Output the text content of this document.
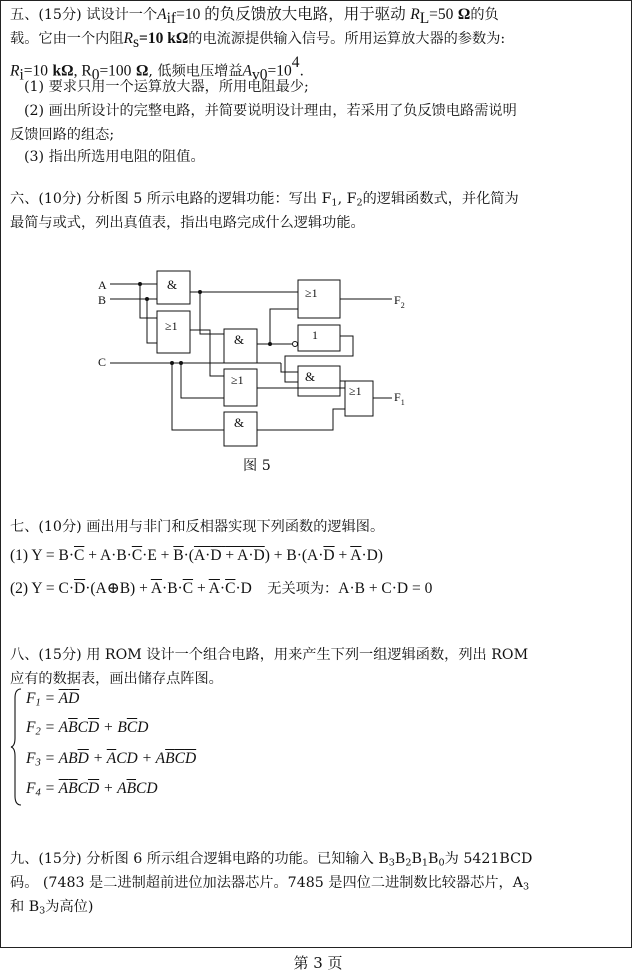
五、(15分) 试设计一个$A_{if}=10$ 的负反馈放大电路，用于驱动 $R_L=50$ Ω的负
载。它由一个内阻$R_s=10$ kΩ的电流源提供输入信号。所用运算放大器的参数为:
$R_i=10$ kΩ, $R_0=100$ Ω, 低频电压增益$A_{v0}=10^4$.
(1) 要求只用一个运算放大器，所用电阻最少;
(2) 画出所设计的完整电路，并简要说明设计理由，若采用了负反馈电路需说明
反馈回路的组态;
(3) 指出所选用电阻的阻值。
六、(10分) 分析图 5 所示电路的逻辑功能：写出 $F_1$, $F_2$的逻辑函数式，并化简为
最简与或式，列出真值表，指出电路完成什么逻辑功能。
A
B
C
&
≥1
&
≥1
&
≥1
1
&
≥1
$F_2$
$F_1$
图 5
七、(10分) 画出用与非门和反相器实现下列函数的逻辑图。
(1) $Y = B\cdot\overline{C} + A\cdot B\cdot\overline{C}\cdot E + \overline{B}\cdot(A\cdot D + A\cdot D) + B\cdot(A\cdot\overline{D} + \overline{A}\cdot D)$
(2) $Y = C\cdot\overline{D}\cdot(A\oplus B) + \overline{A}\cdot B\cdot\overline{C} + \overline{A}\cdot\overline{C}\cdot D$ 无关项为：A·B + C·D = 0
八、(15分) 用 ROM 设计一个组合电路，用来产生下列一组逻辑函数，列出 ROM
应有的数据表，画出储存点阵图。
$F_1 = \overline{A}\overline{D}$
$F_2 = A\overline{B}C\overline{D} + B\overline{C}D$
$F_3 = AB\overline{D} + \overline{A}CD + A\overline{B}\overline{C}\overline{D}$
$F_4 = \overline{A}\overline{B}C\overline{D} + A\overline{B}CD$
九、(15分) 分析图 6 所示组合逻辑电路的功能。已知输入 $B_3B_2B_1B_0$为 5421BCD
码。 (7483 是二进制超前进位加法器芯片。7485 是四位二进制数比较器芯片，$A_3$
和 $B_3$为高位)
第 3 页
